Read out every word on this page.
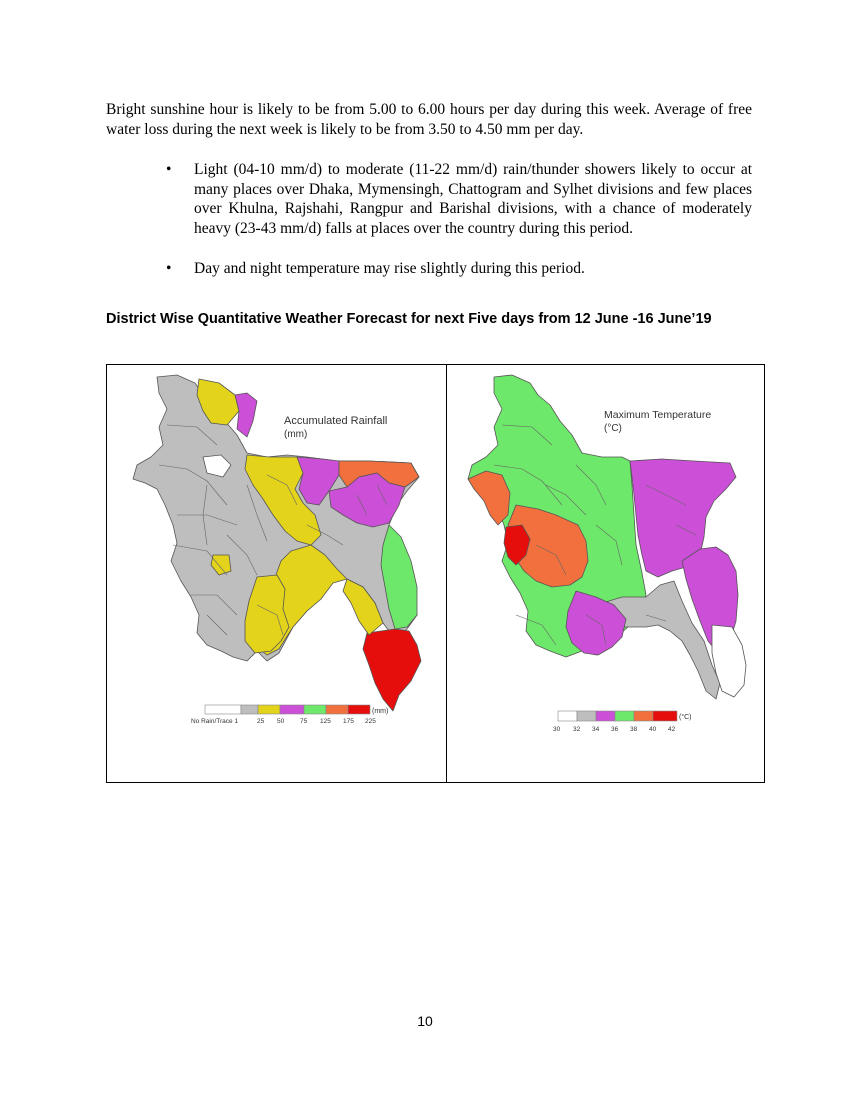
Bright sunshine hour is likely to be from 5.00 to 6.00 hours per day during this week. Average of free water loss during the next week is likely to be from 3.50 to 4.50 mm per day.
• Light (04-10 mm/d) to moderate (11-22 mm/d) rain/thunder showers likely to occur at many places over Dhaka, Mymensingh, Chattogram and Sylhet divisions and few places over Khulna, Rajshahi, Rangpur and Barishal divisions, with a chance of moderately heavy (23-43 mm/d) falls at places over the country during this period.
• Day and night temperature may rise slightly during this period.
District Wise Quantitative Weather Forecast for next Five days from 12 June -16 June’19
Accumulated Rainfall
(mm)
(mm)
No Rain/Trace 1	25 50 75 125 175 225
Maximum Temperature
(°C)
(°C)
30 32 34 36 38 40 42
10
